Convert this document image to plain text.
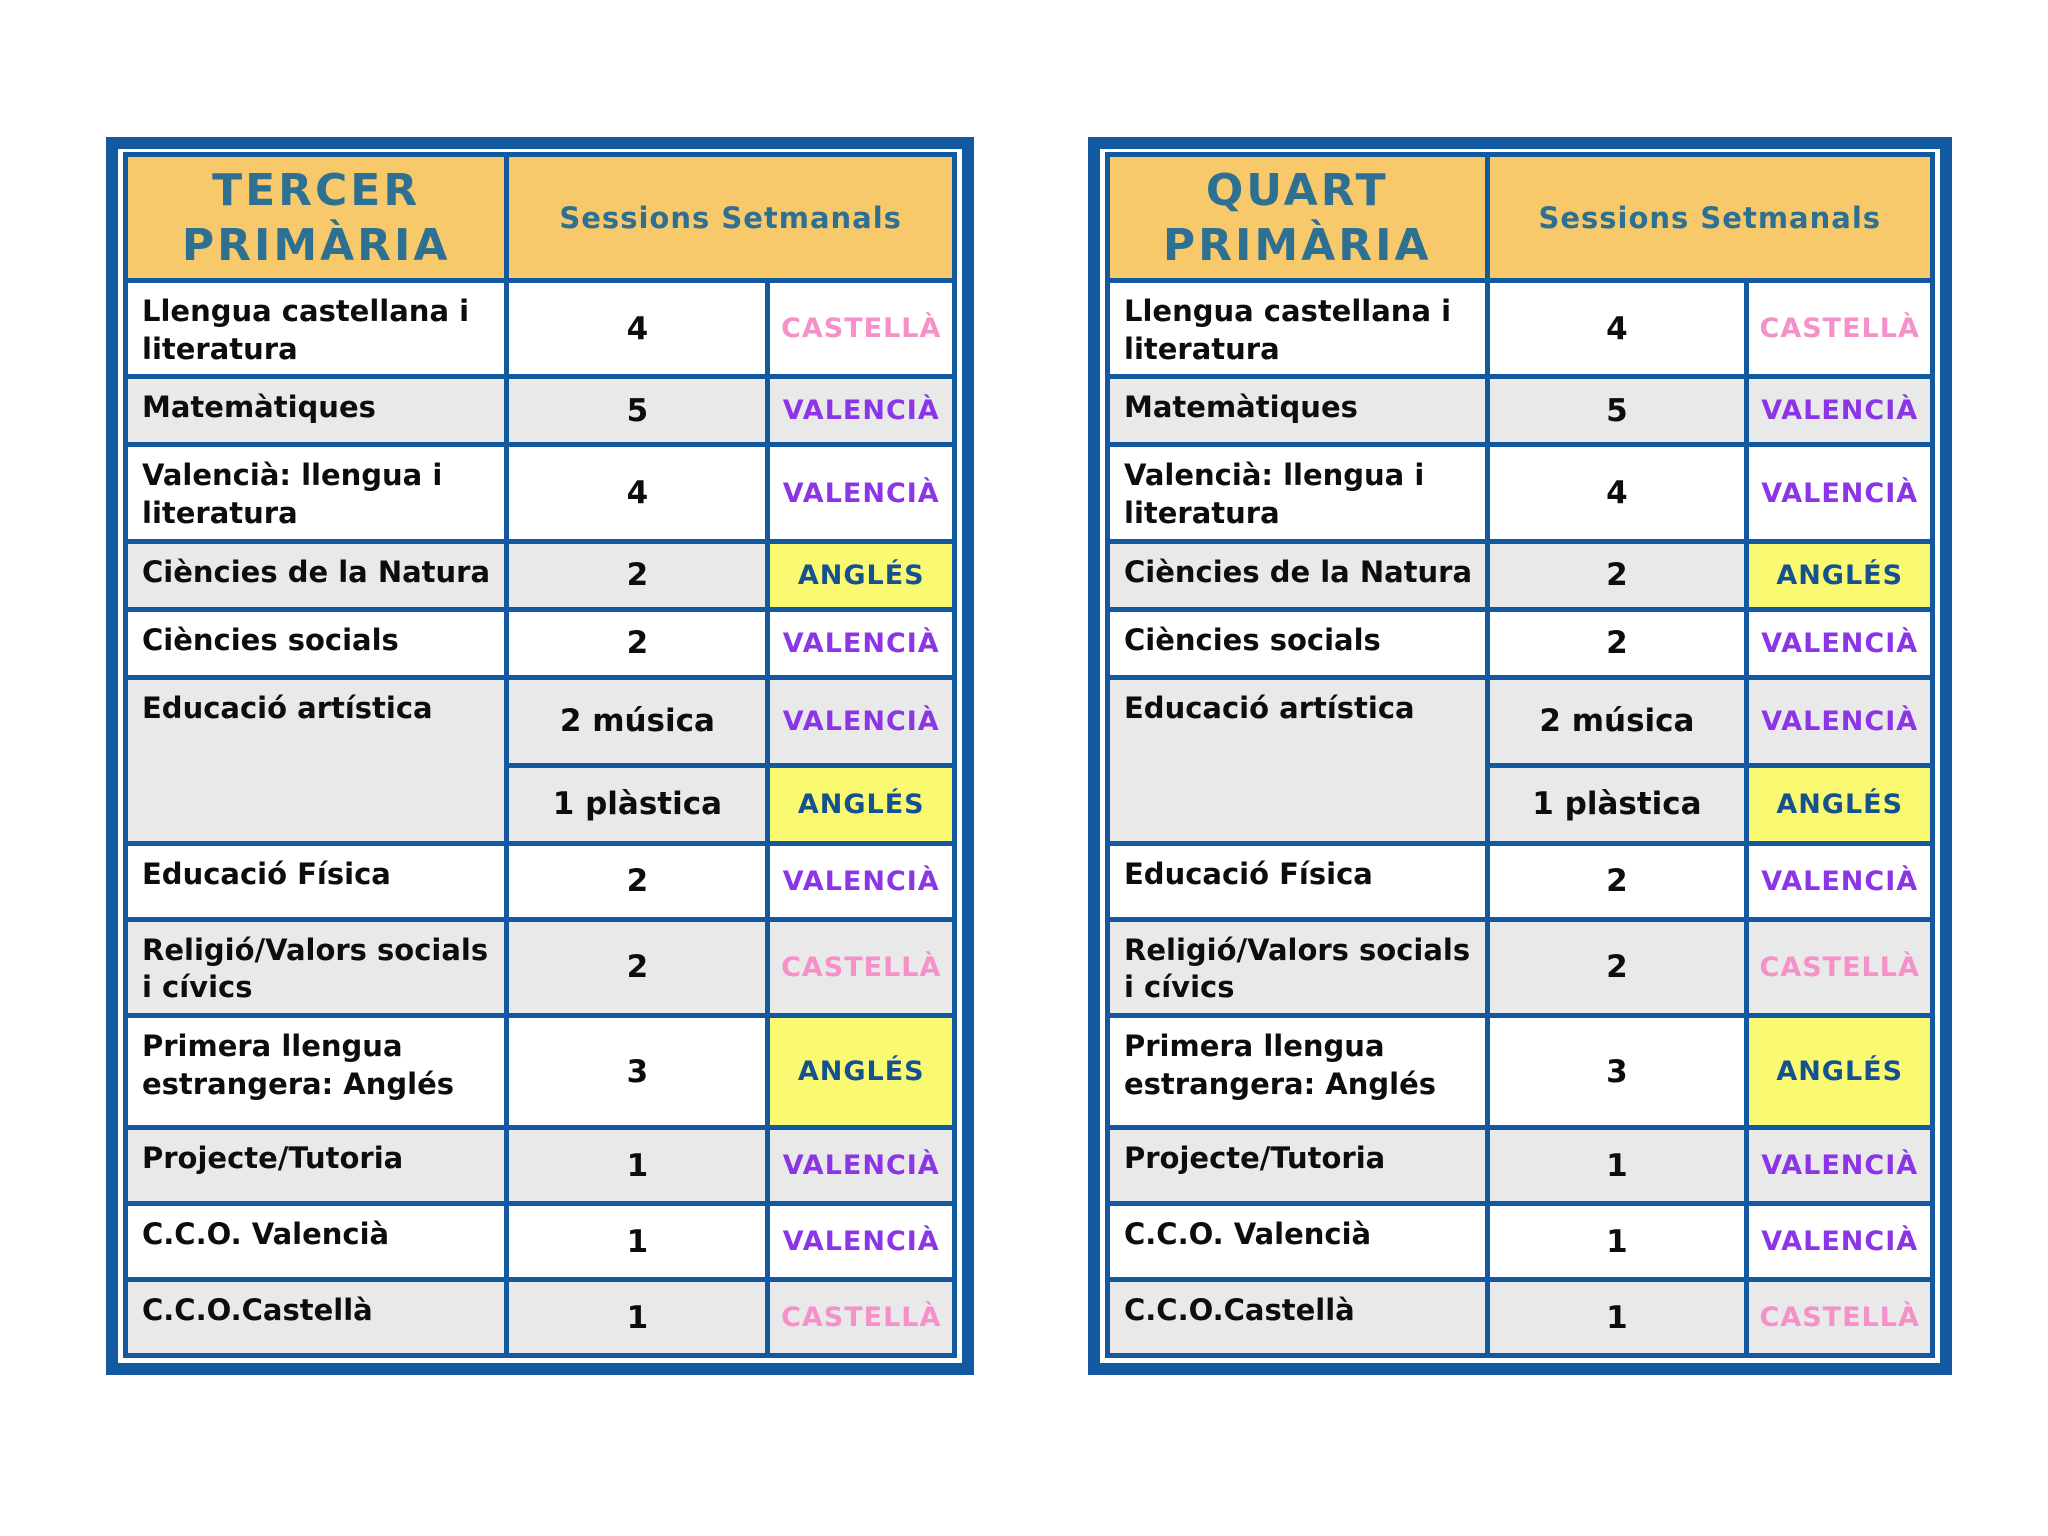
TERCER
PRIMÀRIA	Sessions Setmanals	
Llengua castellana i literatura	4	CASTELLÀ
Matemàtiques	5	VALENCIÀ
Valencià: llengua i literatura	4	VALENCIÀ
Ciències de la Natura	2	ANGLÉS
Ciències socials	2	VALENCIÀ
Educació artística	2 música	VALENCIÀ
	1 plàstica	ANGLÉS
Educació Física	2	VALENCIÀ
Religió/Valors socials i cívics	2	CASTELLÀ
Primera llengua estrangera: Anglés	3	ANGLÉS
Projecte/Tutoria	1	VALENCIÀ
C.C.O. Valencià	1	VALENCIÀ
C.C.O.Castellà	1	CASTELLÀ
QUART
PRIMÀRIA	Sessions Setmanals	
Llengua castellana i literatura	4	CASTELLÀ
Matemàtiques	5	VALENCIÀ
Valencià: llengua i literatura	4	VALENCIÀ
Ciències de la Natura	2	ANGLÉS
Ciències socials	2	VALENCIÀ
Educació artística	2 música	VALENCIÀ
	1 plàstica	ANGLÉS
Educació Física	2	VALENCIÀ
Religió/Valors socials i cívics	2	CASTELLÀ
Primera llengua estrangera: Anglés	3	ANGLÉS
Projecte/Tutoria	1	VALENCIÀ
C.C.O. Valencià	1	VALENCIÀ
C.C.O.Castellà	1	CASTELLÀ
